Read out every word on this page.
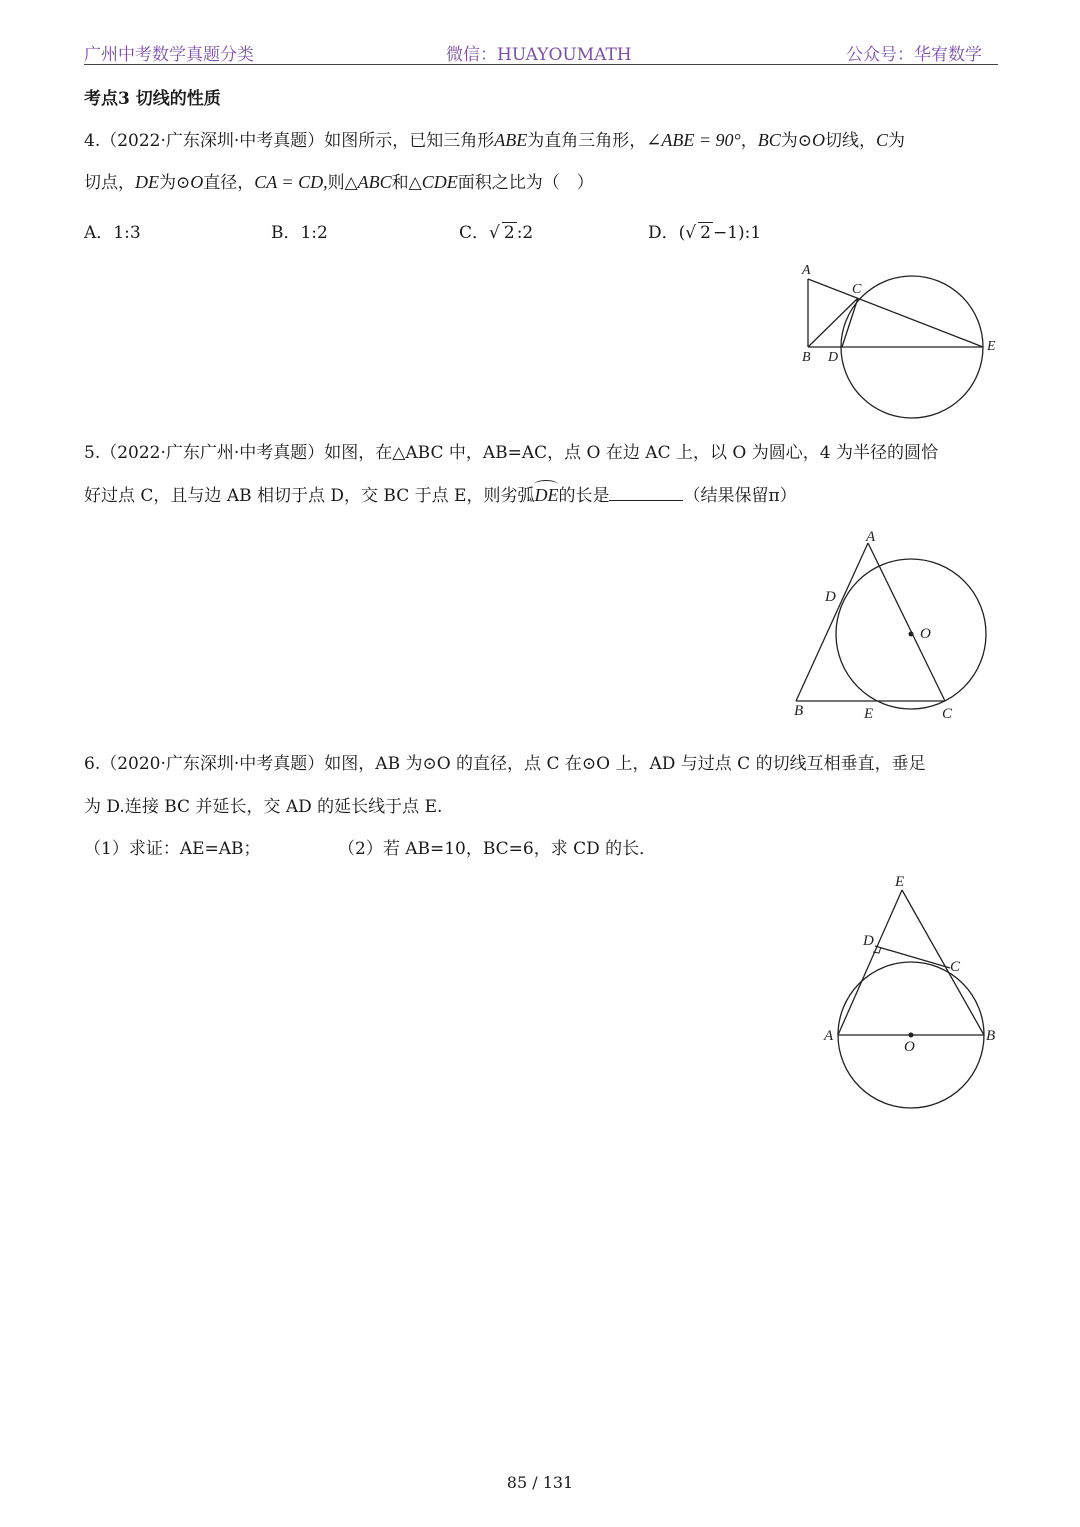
广州中考数学真题分类	微信：HUAYOUMATH	公众号：华宥数学
考点3 切线的性质
4.（2022·广东深圳·中考真题）如图所示，已知三角形ABE为直角三角形，∠ABE = 90°，BC为⊙O切线，C为
切点，DE为⊙O直径，CA = CD,则△ABC和△CDE面积之比为（　）
A．1:3	B．1:2	C．√ 2 :2	D．(√ 2 −1):1
A
C
B D
E
5.（2022·广东广州·中考真题）如图，在△ABC 中，AB=AC，点 O 在边 AC 上，以 O 为圆心，4 为半径的圆恰
好过点 C，且与边 AB 相切于点 D，交 BC 于点 E，则劣弧DE的长是	（结果保留π）
A
D
O
B	E	C
6.（2020·广东深圳·中考真题）如图，AB 为⊙O 的直径，点 C 在⊙O 上，AD 与过点 C 的切线互相垂直，垂足
为 D.连接 BC 并延长，交 AD 的延长线于点 E.
（1）求证：AE=AB；	（2）若 AB=10，BC=6，求 CD 的长．
E
D
C
A	B
O
85 / 131
